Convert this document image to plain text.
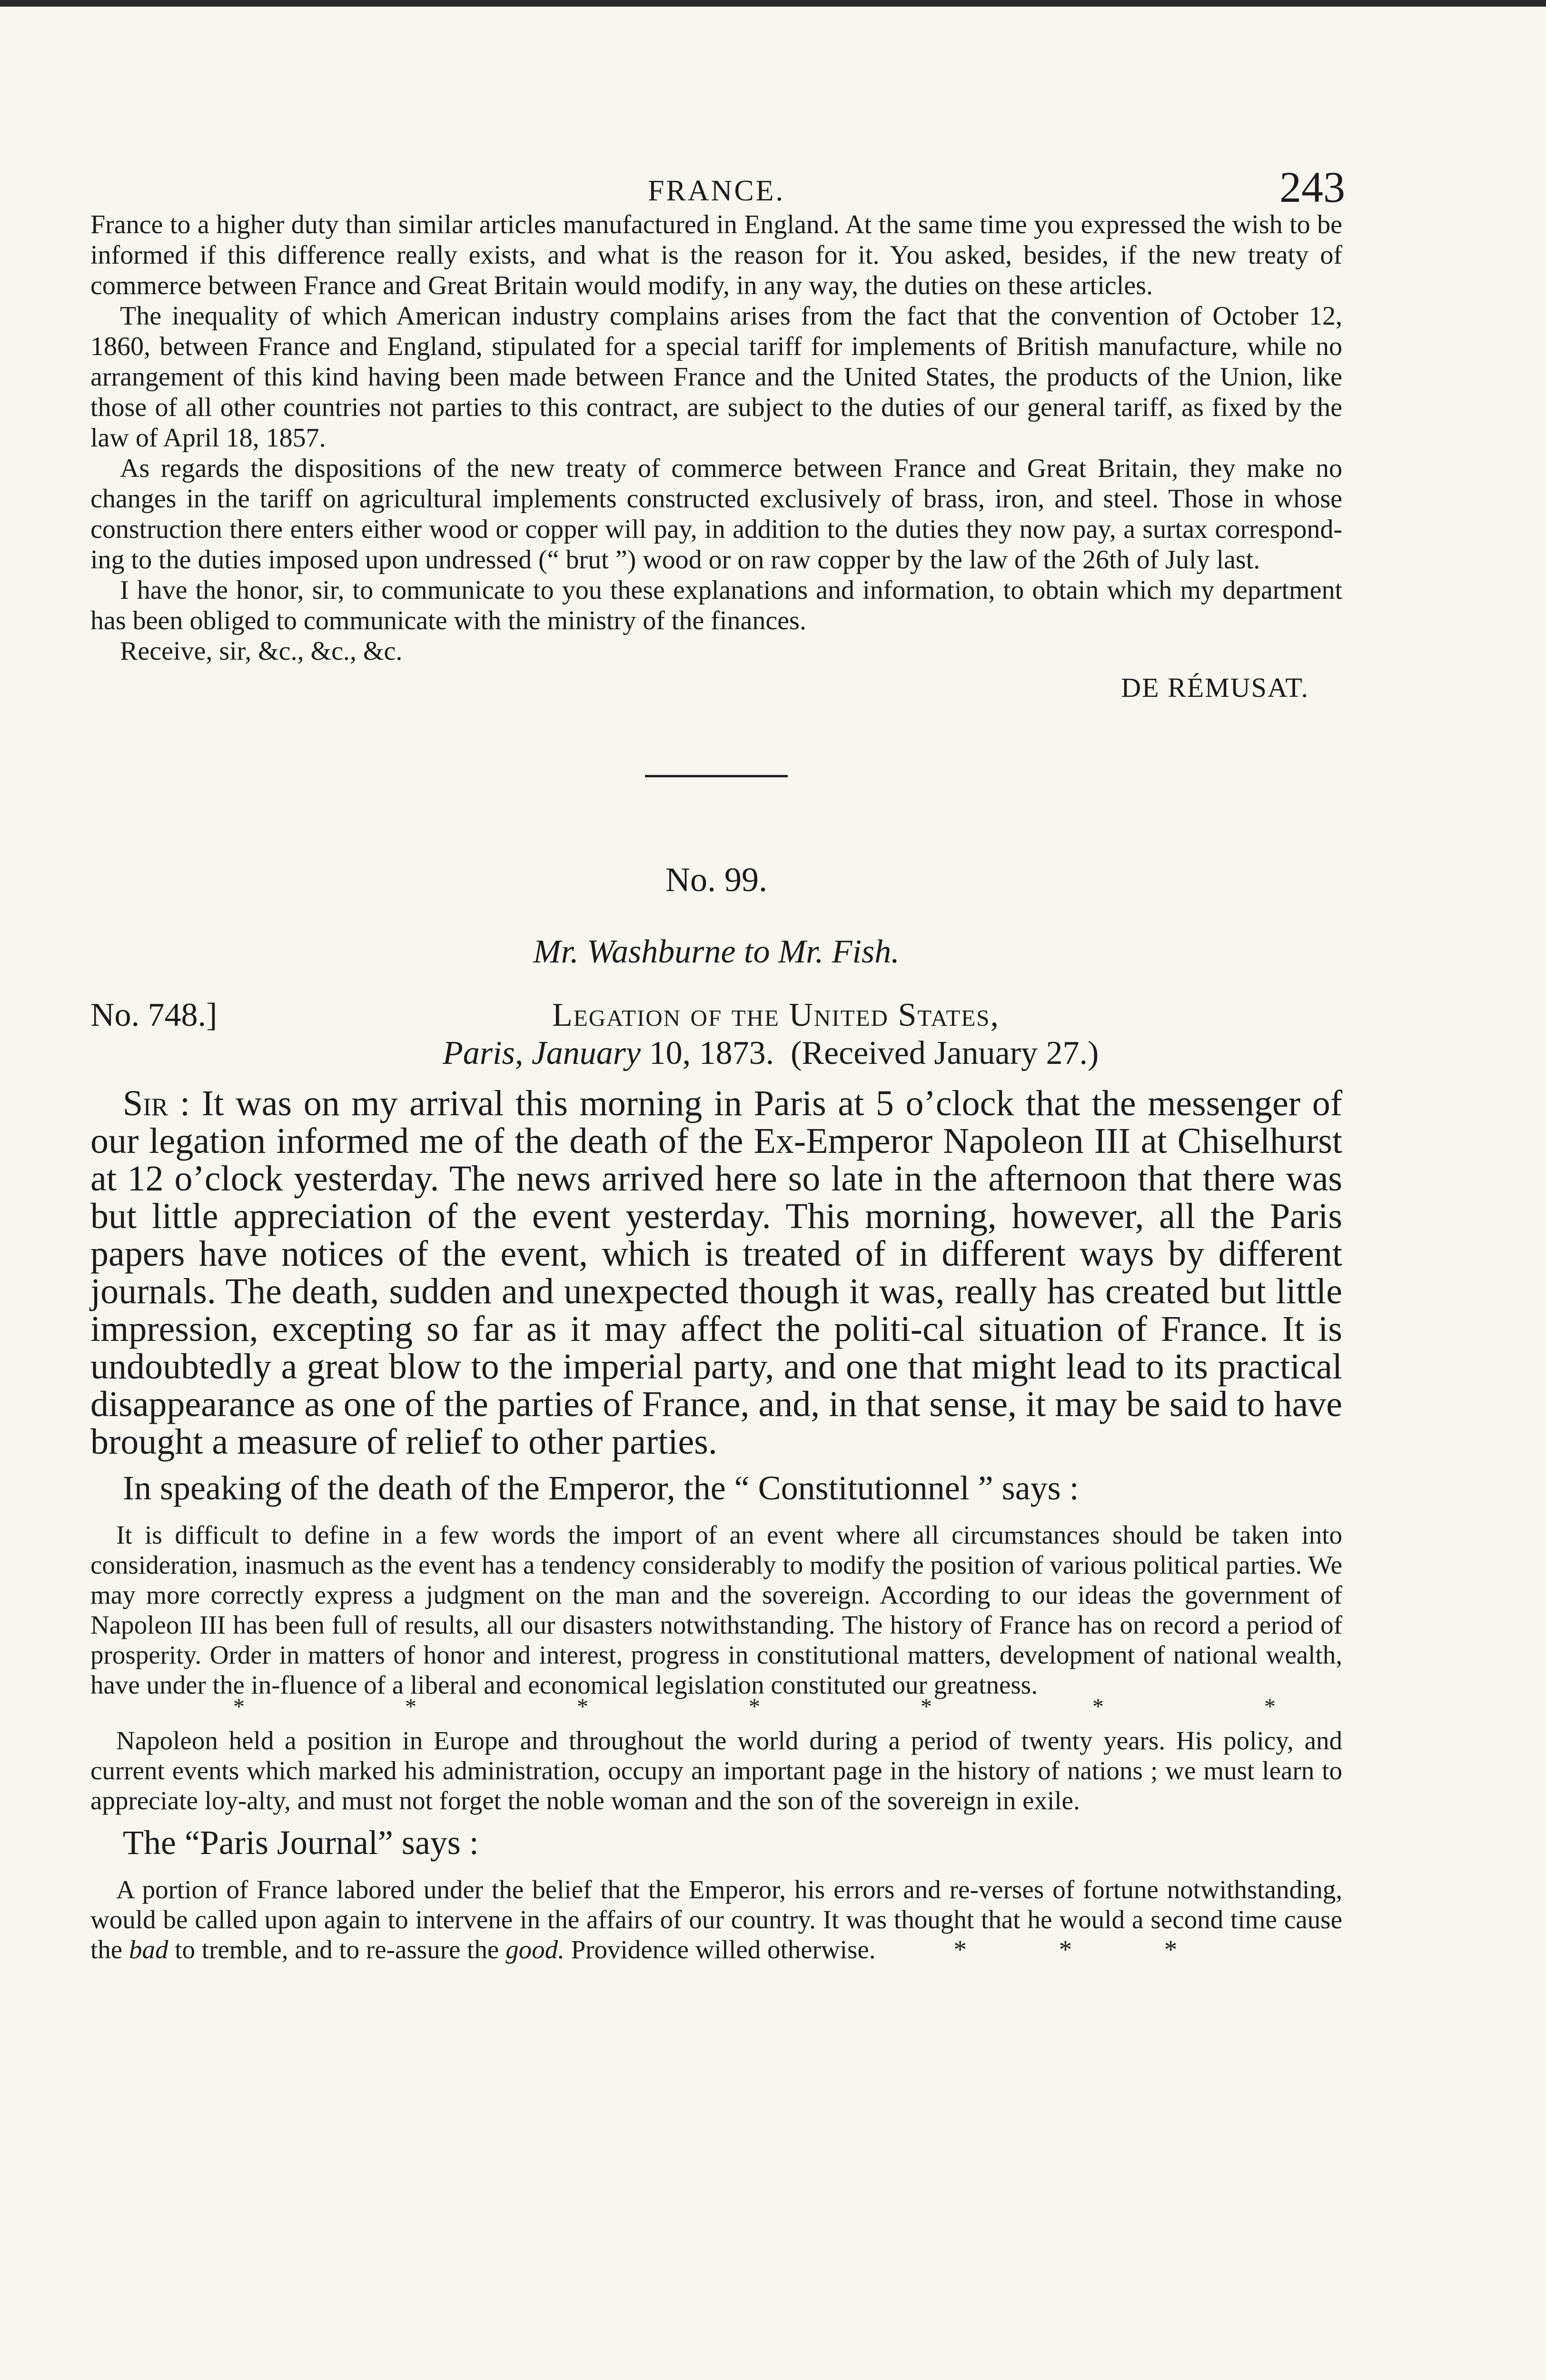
FRANCE.	243

France to a higher duty than similar articles manufactured in England. At the same time you expressed the wish to be informed if this difference really exists, and what is the reason for it. You asked, besides, if the new treaty of commerce between France and Great Britain would modify, in any way, the duties on these articles.

The inequality of which American industry complains arises from the fact that the convention of October 12, 1860, between France and England, stipulated for a special tariff for implements of British manufacture, while no arrangement of this kind having been made between France and the United States, the products of the Union, like those of all other countries not parties to this contract, are subject to the duties of our general tariff, as fixed by the law of April 18, 1857.

As regards the dispositions of the new treaty of commerce between France and Great Britain, they make no changes in the tariff on agricultural implements constructed exclusively of brass, iron, and steel. Those in whose construction there enters either wood or copper will pay, in addition to the duties they now pay, a surtax correspond-ing to the duties imposed upon undressed (“ brut ”) wood or on raw copper by the law of the 26th of July last.

I have the honor, sir, to communicate to you these explanations and information, to obtain which my department has been obliged to communicate with the ministry of the finances.

Receive, sir, &c., &c., &c.

DE RÉMUSAT.
No. 99.
Mr. Washburne to Mr. Fish.
No. 748.]	Legation of the United States,
Paris, January 10, 1873. (Received January 27.)

Sir : It was on my arrival this morning in Paris at 5 o’clock that the messenger of our legation informed me of the death of the Ex-Emperor Napoleon III at Chiselhurst at 12 o’clock yesterday. The news arrived here so late in the afternoon that there was but little appreciation of the event yesterday. This morning, however, all the Paris papers have notices of the event, which is treated of in different ways by different journals. The death, sudden and unexpected though it was, really has created but little impression, excepting so far as it may affect the politi-cal situation of France. It is undoubtedly a great blow to the imperial party, and one that might lead to its practical disappearance as one of the parties of France, and, in that sense, it may be said to have brought a measure of relief to other parties.

In speaking of the death of the Emperor, the “ Constitutionnel ” says :

It is difficult to define in a few words the import of an event where all circumstances should be taken into consideration, inasmuch as the event has a tendency considerably to modify the position of various political parties. We may more correctly express a judgment on the man and the sovereign. According to our ideas the government of Napoleon III has been full of results, all our disasters notwithstanding. The history of France has on record a period of prosperity. Order in matters of honor and interest, progress in constitutional matters, development of national wealth, have under the in-fluence of a liberal and economical legislation constituted our greatness.

*	*	*	*	*	*	*

Napoleon held a position in Europe and throughout the world during a period of twenty years. His policy, and current events which marked his administration, occupy an important page in the history of nations ; we must learn to appreciate loy-alty, and must not forget the noble woman and the son of the sovereign in exile.

The “Paris Journal” says :

A portion of France labored under the belief that the Emperor, his errors and re-verses of fortune notwithstanding, would be called upon again to intervene in the affairs of our country. It was thought that he would a second time cause the bad to tremble, and to re-assure the good. Providence willed otherwise.	* * *
